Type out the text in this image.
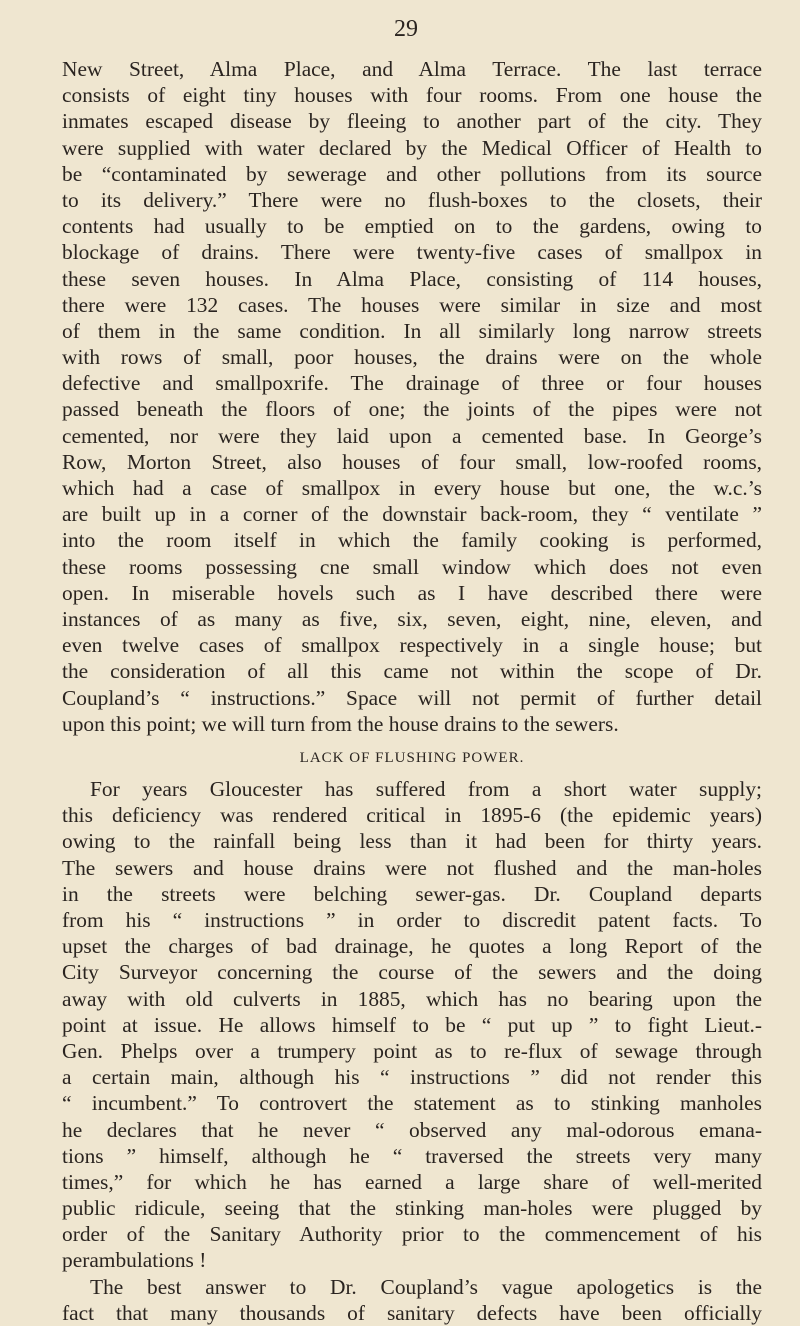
29
New Street, Alma Place, and Alma Terrace. The last terrace
consists of eight tiny houses with four rooms. From one house the
inmates escaped disease by fleeing to another part of the city. They
were supplied with water declared by the Medical Officer of Health to
be “contaminated by sewerage and other pollutions from its source
to its delivery.” There were no flush-boxes to the closets, their
contents had usually to be emptied on to the gardens, owing to
blockage of drains. There were twenty-five cases of smallpox in
these seven houses. In Alma Place, consisting of 114 houses,
there were 132 cases. The houses were similar in size and most
of them in the same condition. In all similarly long narrow streets
with rows of small, poor houses, the drains were on the whole
defective and smallpoxrife. The drainage of three or four houses
passed beneath the floors of one; the joints of the pipes were not
cemented, nor were they laid upon a cemented base. In George’s
Row, Morton Street, also houses of four small, low-roofed rooms,
which had a case of smallpox in every house but one, the w.c.’s
are built up in a corner of the downstair back-room, they “ ventilate ”
into the room itself in which the family cooking is performed,
these rooms possessing cne small window which does not even
open. In miserable hovels such as I have described there were
instances of as many as five, six, seven, eight, nine, eleven, and
even twelve cases of smallpox respectively in a single house; but
the consideration of all this came not within the scope of Dr.
Coupland’s “ instructions.” Space will not permit of further detail
upon this point; we will turn from the house drains to the sewers.
LACK OF FLUSHING POWER.
For years Gloucester has suffered from a short water supply;
this deficiency was rendered critical in 1895-6 (the epidemic years)
owing to the rainfall being less than it had been for thirty years.
The sewers and house drains were not flushed and the man-holes
in the streets were belching sewer-gas. Dr. Coupland departs
from his “ instructions ” in order to discredit patent facts. To
upset the charges of bad drainage, he quotes a long Report of the
City Surveyor concerning the course of the sewers and the doing
away with old culverts in 1885, which has no bearing upon the
point at issue. He allows himself to be “ put up ” to fight Lieut.-
Gen. Phelps over a trumpery point as to re-flux of sewage through
a certain main, although his “ instructions ” did not render this
“ incumbent.” To controvert the statement as to stinking manholes
he declares that he never “ observed any mal-odorous emana-
tions ” himself, although he “ traversed the streets very many
times,” for which he has earned a large share of well-merited
public ridicule, seeing that the stinking man-holes were plugged by
order of the Sanitary Authority prior to the commencement of his
perambulations !
The best answer to Dr. Coupland’s vague apologetics is the
fact that many thousands of sanitary defects have been officially
